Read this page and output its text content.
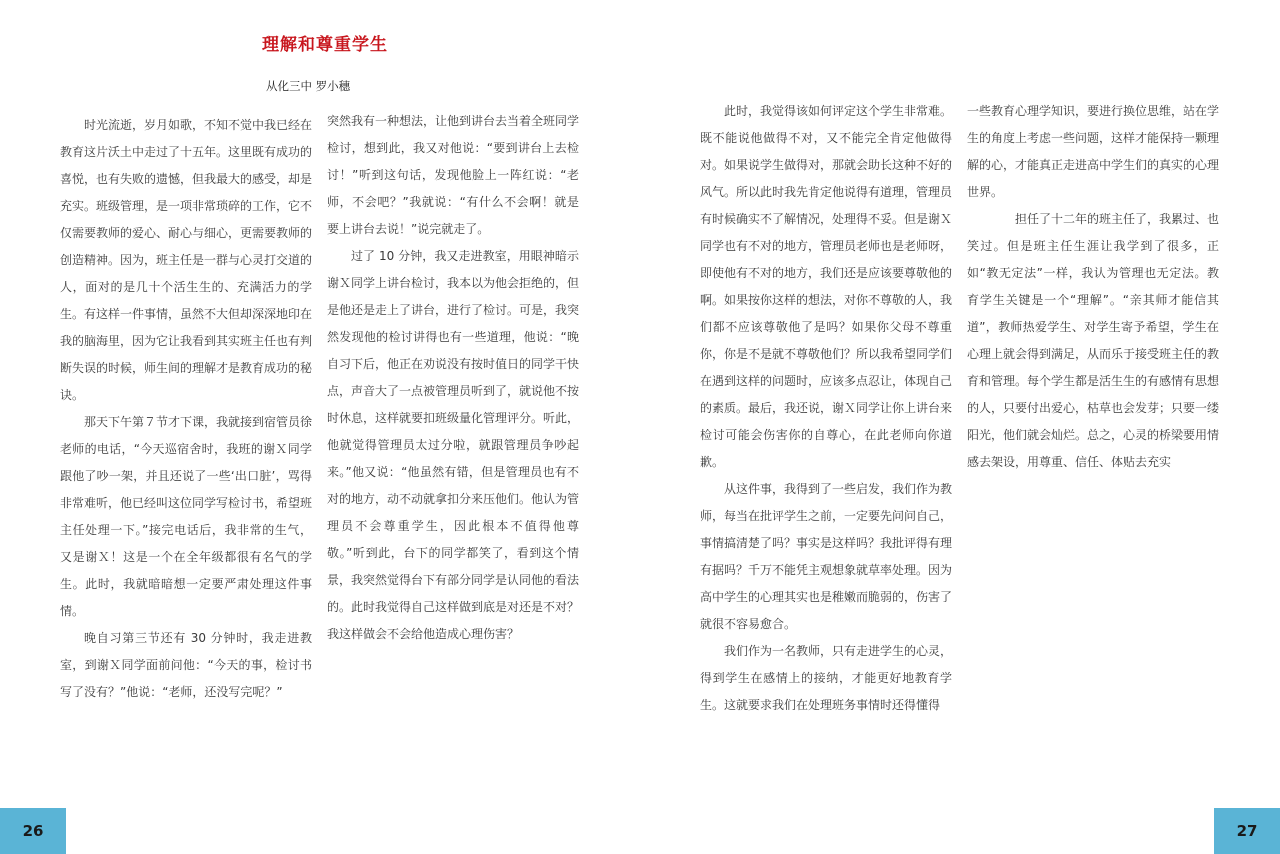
理解和尊重学生
从化三中 罗小穗

时光流逝，岁月如歌，不知不觉中我已经在教育这片沃土中走过了十五年。这里既有成功的喜悦，也有失败的遗憾，但我最大的感受，却是充实。班级管理，是一项非常琐碎的工作，它不仅需要教师的爱心、耐心与细心，更需要教师的创造精神。因为，班主任是一群与心灵打交道的人，面对的是几十个活生生的、充满活力的学生。有这样一件事情，虽然不大但却深深地印在我的脑海里，因为它让我看到其实班主任也有判断失误的时候，师生间的理解才是教育成功的秘诀。

那天下午第７节才下课，我就接到宿管员徐老师的电话，“今天巡宿舍时，我班的谢Ｘ同学跟他了吵一架，并且还说了一些‘出口脏’，骂得非常难听，他已经叫这位同学写检讨书，希望班主任处理一下。”接完电话后，我非常的生气，又是谢Ｘ！这是一个在全年级都很有名气的学生。此时，我就暗暗想一定要严肃处理这件事情。

晚自习第三节还有 30 分钟时，我走进教室，到谢Ｘ同学面前问他：“今天的事，检讨书写了没有？”他说：“老师，还没写完呢？”

突然我有一种想法，让他到讲台去当着全班同学检讨，想到此，我又对他说：“要到讲台上去检讨！”听到这句话，发现他脸上一阵红说：“老师，不会吧？”我就说：“有什么不会啊！就是要上讲台去说！”说完就走了。

过了 10 分钟，我又走进教室，用眼神暗示谢Ｘ同学上讲台检讨，我本以为他会拒绝的，但是他还是走上了讲台，进行了检讨。可是，我突然发现他的检讨讲得也有一些道理，他说：“晚自习下后，他正在劝说没有按时值日的同学干快点，声音大了一点被管理员听到了，就说他不按时休息，这样就要扣班级量化管理评分。听此，他就觉得管理员太过分啦，就跟管理员争吵起来。”他又说：“他虽然有错，但是管理员也有不对的地方，动不动就拿扣分来压他们。他认为管理员不会尊重学生，因此根本不值得他尊敬。”听到此，台下的同学都笑了，看到这个情景，我突然觉得台下有部分同学是认同他的看法的。此时我觉得自己这样做到底是对还是不对？我这样做会不会给他造成心理伤害？

26

此时，我觉得该如何评定这个学生非常难。既不能说他做得不对，又不能完全肯定他做得对。如果说学生做得对，那就会助长这种不好的风气。所以此时我先肯定他说得有道理，管理员有时候确实不了解情况，处理得不妥。但是谢Ｘ同学也有不对的地方，管理员老师也是老师呀，即使他有不对的地方，我们还是应该要尊敬他的啊。如果按你这样的想法，对你不尊敬的人，我们都不应该尊敬他了是吗？如果你父母不尊重你，你是不是就不尊敬他们？所以我希望同学们在遇到这样的问题时，应该多点忍让，体现自己的素质。最后，我还说，谢Ｘ同学让你上讲台来检讨可能会伤害你的自尊心，在此老师向你道歉。

从这件事，我得到了一些启发，我们作为教师，每当在批评学生之前，一定要先问问自己，事情搞清楚了吗？事实是这样吗？我批评得有理有据吗？千万不能凭主观想象就草率处理。因为高中学生的心理其实也是稚嫩而脆弱的，伤害了就很不容易愈合。

我们作为一名教师，只有走进学生的心灵，得到学生在感情上的接纳，才能更好地教育学生。这就要求我们在处理班务事情时还得懂得

一些教育心理学知识，要进行换位思维，站在学生的角度上考虑一些问题，这样才能保持一颗理解的心，才能真正走进高中学生们的真实的心理世界。

担任了十二年的班主任了，我累过、也笑过。但是班主任生涯让我学到了很多，正如“教无定法”一样，我认为管理也无定法。教育学生关键是一个“理解”。“亲其师才能信其道”，教师热爱学生、对学生寄予希望，学生在心理上就会得到满足，从而乐于接受班主任的教育和管理。每个学生都是活生生的有感情有思想的人，只要付出爱心，枯草也会发芽；只要一缕阳光，他们就会灿烂。总之，心灵的桥梁要用情感去架设，用尊重、信任、体贴去充实

27
